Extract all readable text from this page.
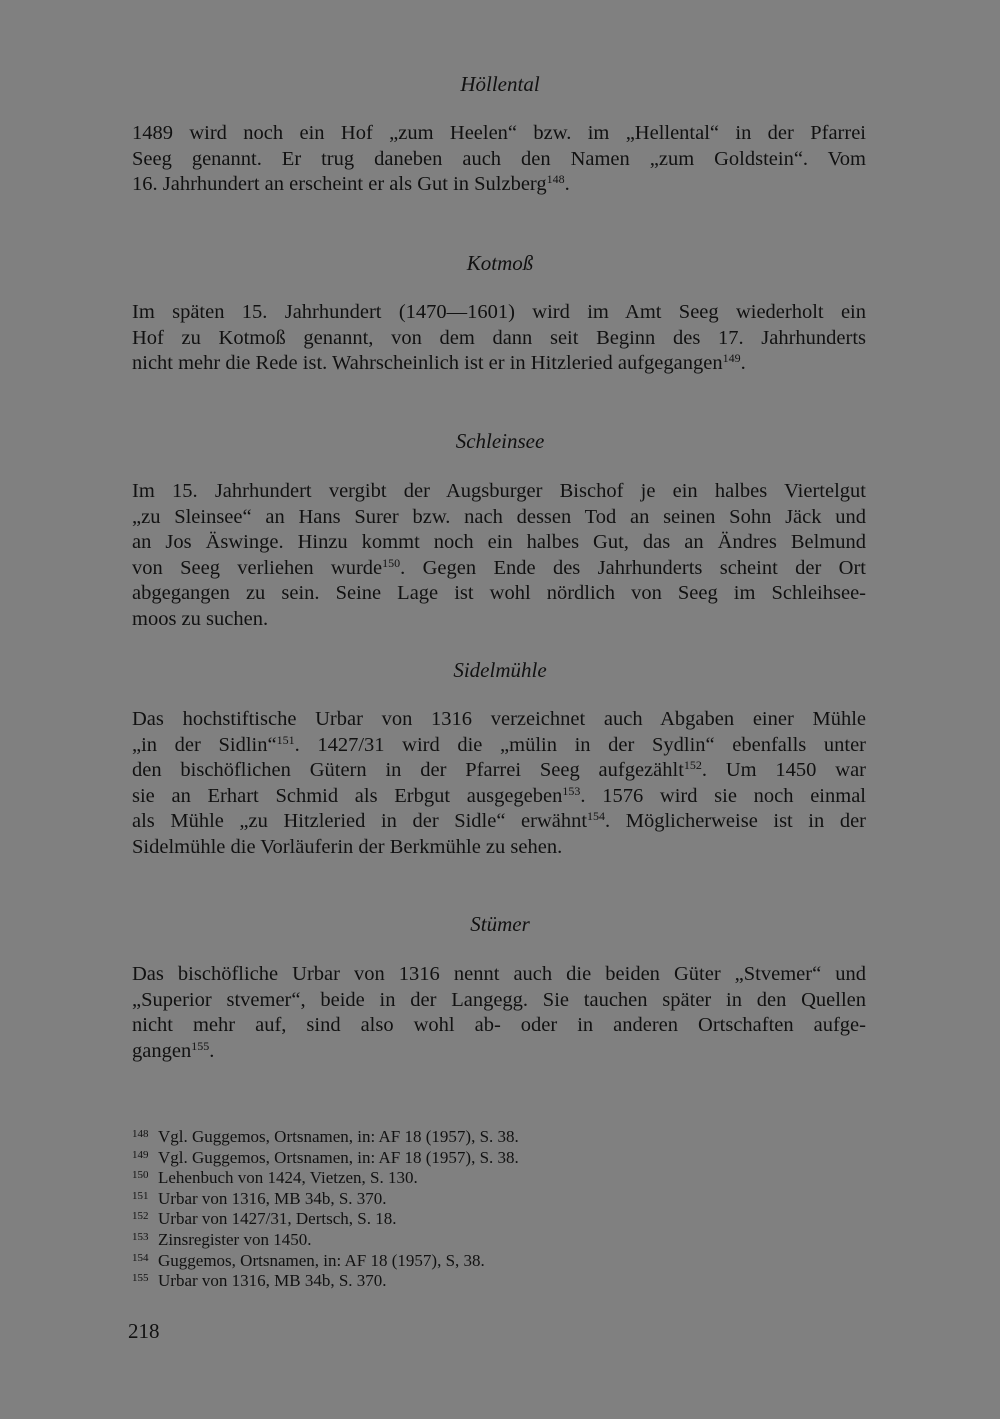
Höllental
1489 wird noch ein Hof „zum Heelen“ bzw. im „Hellental“ in der Pfarrei
Seeg genannt. Er trug daneben auch den Namen „zum Goldstein“. Vom
16. Jahrhundert an erscheint er als Gut in Sulzberg$^{148}$.
Kotmoß
Im späten 15. Jahrhundert (1470—1601) wird im Amt Seeg wiederholt ein
Hof zu Kotmoß genannt, von dem dann seit Beginn des 17. Jahrhunderts
nicht mehr die Rede ist. Wahrscheinlich ist er in Hitzleried aufgegangen$^{149}$.
Schleinsee
Im 15. Jahrhundert vergibt der Augsburger Bischof je ein halbes Viertelgut
„zu Sleinsee“ an Hans Surer bzw. nach dessen Tod an seinen Sohn Jäck und
an Jos Äswinge. Hinzu kommt noch ein halbes Gut, das an Ändres Belmund
von Seeg verliehen wurde$^{150}$. Gegen Ende des Jahrhunderts scheint der Ort
abgegangen zu sein. Seine Lage ist wohl nördlich von Seeg im Schleihsee-
moos zu suchen.
Sidelmühle
Das hochstiftische Urbar von 1316 verzeichnet auch Abgaben einer Mühle
„in der Sidlin“$^{151}$. 1427/31 wird die „mülin in der Sydlin“ ebenfalls unter
den bischöflichen Gütern in der Pfarrei Seeg aufgezählt$^{152}$. Um 1450 war
sie an Erhart Schmid als Erbgut ausgegeben$^{153}$. 1576 wird sie noch einmal
als Mühle „zu Hitzleried in der Sidle“ erwähnt$^{154}$. Möglicherweise ist in der
Sidelmühle die Vorläuferin der Berkmühle zu sehen.
Stümer
Das bischöfliche Urbar von 1316 nennt auch die beiden Güter „Stvemer“ und
„Superior stvemer“, beide in der Langegg. Sie tauchen später in den Quellen
nicht mehr auf, sind also wohl ab- oder in anderen Ortschaften aufge-
gangen$^{155}$.
148 Vgl. Guggemos, Ortsnamen, in: AF 18 (1957), S. 38.
149 Vgl. Guggemos, Ortsnamen, in: AF 18 (1957), S. 38.
150 Lehenbuch von 1424, Vietzen, S. 130.
151 Urbar von 1316, MB 34b, S. 370.
152 Urbar von 1427/31, Dertsch, S. 18.
153 Zinsregister von 1450.
154 Guggemos, Ortsnamen, in: AF 18 (1957), S, 38.
155 Urbar von 1316, MB 34b, S. 370.
218
